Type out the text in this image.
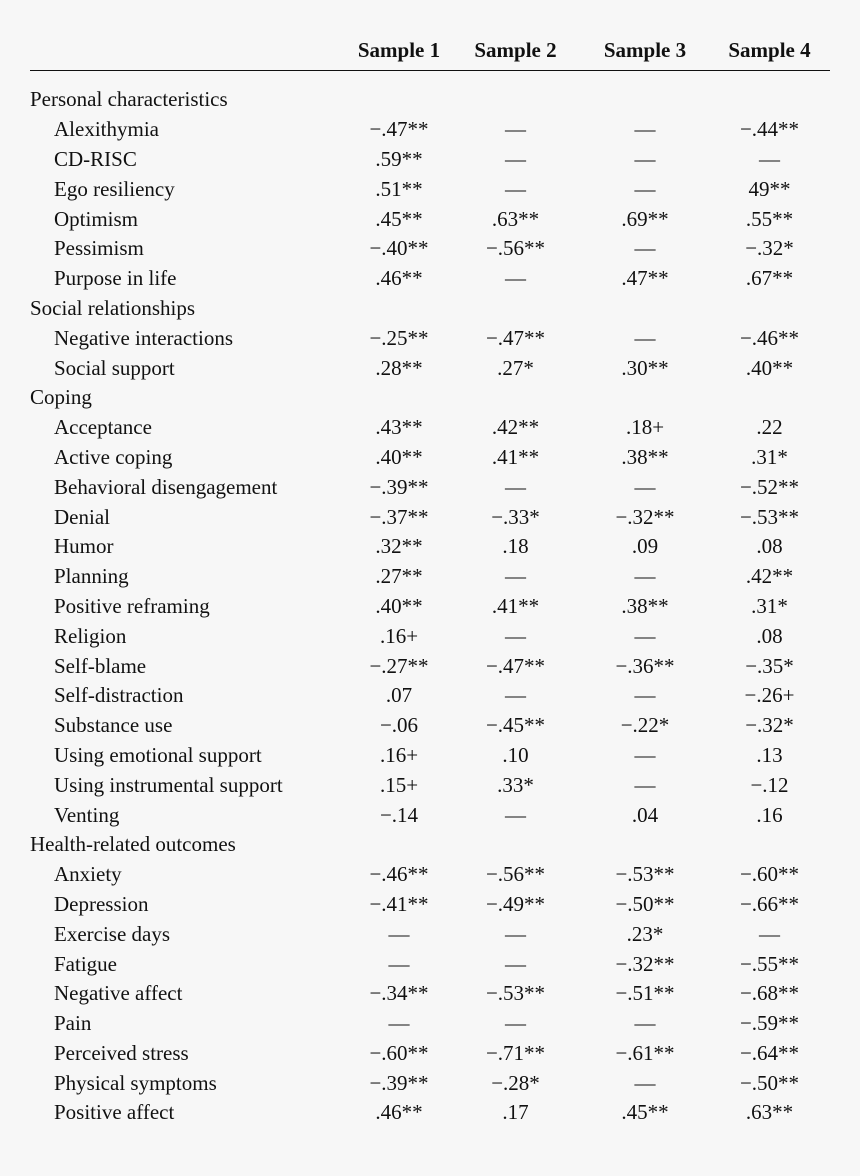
	Sample 1	Sample 2	Sample 3	Sample 4

Personal characteristics				
Alexithymia	−.47**	—	—	−.44**
CD-RISC	.59**	—	—	—
Ego resiliency	.51**	—	—	49**
Optimism	.45**	.63**	.69**	.55**
Pessimism	−.40**	−.56**	—	−.32*
Purpose in life	.46**	—	.47**	.67**
Social relationships				
Negative interactions	−.25**	−.47**	—	−.46**
Social support	.28**	.27*	.30**	.40**
Coping				
Acceptance	.43**	.42**	.18+	.22
Active coping	.40**	.41**	.38**	.31*
Behavioral disengagement	−.39**	—	—	−.52**
Denial	−.37**	−.33*	−.32**	−.53**
Humor	.32**	.18	.09	.08
Planning	.27**	—	—	.42**
Positive reframing	.40**	.41**	.38**	.31*
Religion	.16+	—	—	.08
Self-blame	−.27**	−.47**	−.36**	−.35*
Self-distraction	.07	—	—	−.26+
Substance use	−.06	−.45**	−.22*	−.32*
Using emotional support	.16+	.10	—	.13
Using instrumental support	.15+	.33*	—	−.12
Venting	−.14	—	.04	.16
Health-related outcomes				
Anxiety	−.46**	−.56**	−.53**	−.60**
Depression	−.41**	−.49**	−.50**	−.66**
Exercise days	—	—	.23*	—
Fatigue	—	—	−.32**	−.55**
Negative affect	−.34**	−.53**	−.51**	−.68**
Pain	—	—	—	−.59**
Perceived stress	−.60**	−.71**	−.61**	−.64**
Physical symptoms	−.39**	−.28*	—	−.50**
Positive affect	.46**	.17	.45**	.63**
